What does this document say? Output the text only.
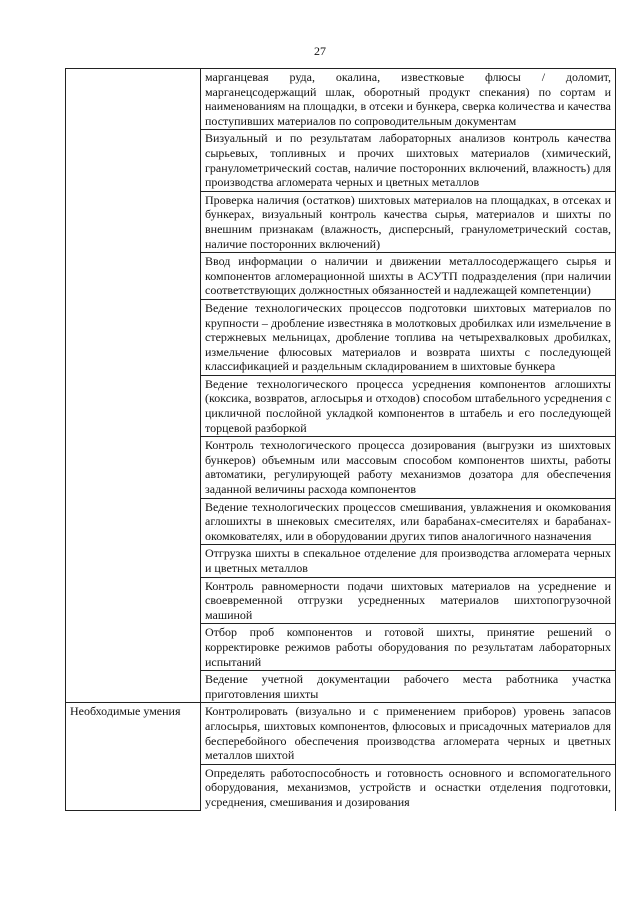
27

	марганцевая руда, окалина, известковые флюсы / доломит, марганецсодержащий шлак, оборотный продукт спекания) по сортам и наименованиям на площадки, в отсеки и бункера, сверка количества и качества поступивших материалов по сопроводительным документам

	Визуальный и по результатам лабораторных анализов контроль качества сырьевых, топливных и прочих шихтовых материалов (химический, гранулометрический состав, наличие посторонних включений, влажность) для производства агломерата черных и цветных металлов

	Проверка наличия (остатков) шихтовых материалов на площадках, в отсеках и бункерах, визуальный контроль качества сырья, материалов и шихты по внешним признакам (влажность, дисперсный, гранулометрический состав, наличие посторонних включений)

	Ввод информации о наличии и движении металлосодержащего сырья и компонентов агломерационной шихты в АСУТП подразделения (при наличии соответствующих должностных обязанностей и надлежащей компетенции)

	Ведение технологических процессов подготовки шихтовых материалов по крупности – дробление известняка в молотковых дробилках или измельчение в стержневых мельницах, дробление топлива на четырехвалковых дробилках, измельчение флюсовых материалов и возврата шихты с последующей классификацией и раздельным складированием в шихтовые бункера

	Ведение технологического процесса усреднения компонентов аглошихты (коксика, возвратов, аглосырья и отходов) способом штабельного усреднения с цикличной послойной укладкой компонентов в штабель и его последующей торцевой разборкой

	Контроль технологического процесса дозирования (выгрузки из шихтовых бункеров) объемным или массовым способом компонентов шихты, работы автоматики, регулирующей работу механизмов дозатора для обеспечения заданной величины расхода компонентов

	Ведение технологических процессов смешивания, увлажнения и окомкования аглошихты в шнековых смесителях, или барабанах-смесителях и барабанах-окомкователях, или в оборудовании других типов аналогичного назначения

	Отгрузка шихты в спекальное отделение для производства агломерата черных и цветных металлов

	Контроль равномерности подачи шихтовых материалов на усреднение и своевременной отгрузки усредненных материалов шихтопогрузочной машиной

	Отбор проб компонентов и готовой шихты, принятие решений о корректировке режимов работы оборудования по результатам лабораторных испытаний

	Ведение учетной документации рабочего места работника участка приготовления шихты

Необходимые умения	Контролировать (визуально и с применением приборов) уровень запасов аглосырья, шихтовых компонентов, флюсовых и присадочных материалов для бесперебойного обеспечения производства агломерата черных и цветных металлов шихтой

	Определять работоспособность и готовность основного и вспомогательного оборудования, механизмов, устройств и оснастки отделения подготовки, усреднения, смешивания и дозирования
